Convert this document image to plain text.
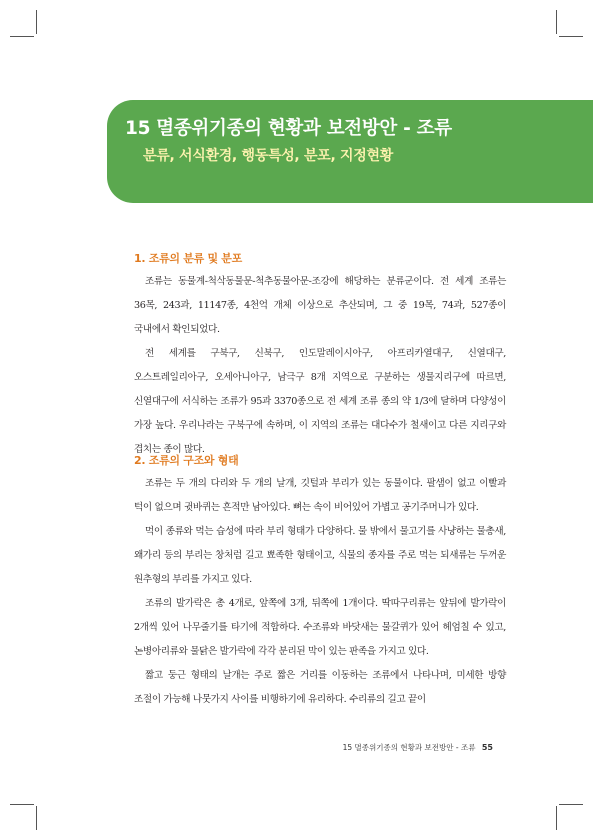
15 멸종위기종의 현황과 보전방안 - 조류
분류, 서식환경, 행동특성, 분포, 지정현황
1. 조류의 분류 및 분포

조류는 동물계-척삭동물문-척추동물아문-조강에 해당하는 분류군이다. 전 세계 조류는 36목, 243과, 11147종, 4천억 개체 이상으로 추산되며, 그 중 19목, 74과, 527종이 국내에서 확인되었다.

전 세계를 구북구, 신북구, 인도말레이시아구, 아프리카열대구, 신열대구, 오스트레일리아구, 오세아니아구, 남극구 8개 지역으로 구분하는 생물지리구에 따르면, 신열대구에 서식하는 조류가 95과 3370종으로 전 세계 조류 종의 약 1/3에 달하며 다양성이 가장 높다. 우리나라는 구북구에 속하며, 이 지역의 조류는 대다수가 철새이고 다른 지리구와 겹치는 종이 많다.

2. 조류의 구조와 형태

조류는 두 개의 다리와 두 개의 날개, 깃털과 부리가 있는 동물이다. 팔샘이 없고 이빨과 턱이 없으며 귓바퀴는 흔적만 남아있다. 뼈는 속이 비어있어 가볍고 공기주머니가 있다.

먹이 종류와 먹는 습성에 따라 부리 형태가 다양하다. 물 밖에서 물고기를 사냥하는 물총새, 왜가리 등의 부리는 창처럼 길고 뾰족한 형태이고, 식물의 종자를 주로 먹는 되새류는 두꺼운 원추형의 부리를 가지고 있다.

조류의 발가락은 총 4개로, 앞쪽에 3개, 뒤쪽에 1개이다. 딱따구리류는 앞뒤에 발가락이 2개씩 있어 나무줄기를 타기에 적합하다. 수조류와 바닷새는 물갈퀴가 있어 헤엄칠 수 있고, 논병아리류와 물닭은 발가락에 각각 분리된 막이 있는 판족을 가지고 있다.

짧고 둥근 형태의 날개는 주로 짧은 거리를 이동하는 조류에서 나타나며, 미세한 방향 조절이 가능해 나뭇가지 사이를 비행하기에 유리하다. 수리류의 길고 끝이

15 멸종위기종의 현황과 보전방안 - 조류 55
